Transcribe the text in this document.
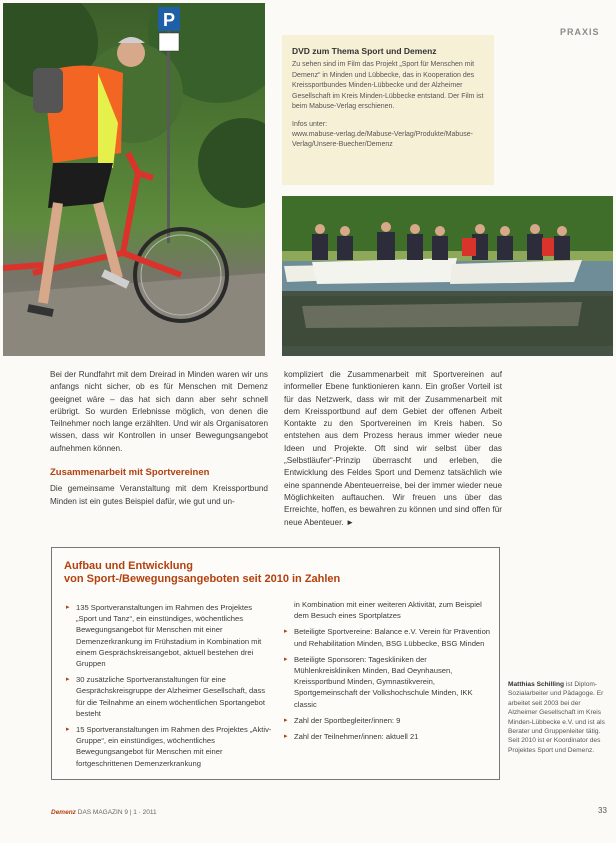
PRAXIS
P
DVD zum Thema Sport und Demenz
Zu sehen sind im Film das Projekt „Sport für Menschen mit Demenz“ in Minden und Lübbecke, das in Kooperation des Kreissportbundes Minden-Lübbecke und der Alzheimer Gesellschaft im Kreis Minden-Lübbecke entstand. Der Film ist beim Mabuse-Verlag erschienen.
Infos unter:
www.mabuse-verlag.de/Mabuse-Verlag/Produkte/Mabuse-Verlag/Unsere-Buecher/Demenz

Bei der Rundfahrt mit dem Dreirad in Minden waren wir uns anfangs nicht sicher, ob es für Menschen mit Demenz geeignet wäre – das hat sich dann aber sehr schnell erübrigt. So wurden Erlebnisse möglich, von denen die Teilnehmer noch lange erzählten. Und wir als Organisatoren wissen, dass wir Kontrollen in unser Bewegungsangebot aufnehmen können.

Zusammenarbeit mit Sportvereinen

Die gemeinsame Veranstaltung mit dem Kreissportbund Minden ist ein gutes Beispiel dafür, wie gut und un-

kompliziert die Zusammenarbeit mit Sportvereinen auf informeller Ebene funktionieren kann. Ein großer Vorteil ist für das Netzwerk, dass wir mit der Zusammenarbeit mit dem Kreissportbund auf dem Gebiet der offenen Arbeit Kontakte zu den Sportvereinen im Kreis haben. So entstehen aus dem Prozess heraus immer wieder neue Ideen und Projekte. Oft sind wir selbst über das „Selbstläufer“-Prinzip überrascht und erleben, die Entwicklung des Feldes Sport und Demenz tatsächlich wie eine spannende Abenteuerreise, bei der immer wieder neue Möglichkeiten auftauchen. Wir freuen uns über das Erreichte, hoffen, es bewahren zu können und sind offen für neue Abenteuer. ►

Aufbau und Entwicklung
von Sport-/Bewegungsangeboten seit 2010 in Zahlen
▸ 135 Sportveranstaltungen im Rahmen des Projektes „Sport und Tanz“, ein einstündiges, wöchentliches Bewegungsangebot für Menschen mit einer Demenzerkrankung im Frühstadium in Kombination mit einem Gesprächskreisangebot, aktuell bestehen drei Gruppen
▸ 30 zusätzliche Sportveranstaltungen für eine Gesprächskreisgruppe der Alzheimer Gesellschaft, dass für die Teilnahme an einem wöchentlichen Sportangebot besteht
▸ 15 Sportveranstaltungen im Rahmen des Projektes „Aktiv-Gruppe“, ein einstündiges, wöchentliches Bewegungsangebot für Menschen mit einer fortgeschrittenen Demenzerkrankung
in Kombination mit einer weiteren Aktivität, zum Beispiel dem Besuch eines Sportplatzes
▸ Beteiligte Sportvereine: Balance e.V. Verein für Prävention und Rehabilitation Minden, BSG Lübbecke, BSG Minden
▸ Beteiligte Sponsoren: Tageskliniken der Mühlenkreiskliniken Minden, Bad Oeynhausen, Kreissportbund Minden, Gymnastikverein, Sportgemeinschaft der Volkshochschule Minden, IKK classic
▸ Zahl der Sportbegleiter/innen: 9
▸ Zahl der Teilnehmer/innen: aktuell 21
Matthias Schilling ist Diplom-Sozialarbeiter und Pädagoge. Er arbeitet seit 2003 bei der Alzheimer Gesellschaft im Kreis Minden-Lübbecke e.V. und ist als Berater und Gruppenleiter tätig. Seit 2010 ist er Koordinator des Projektes Sport und Demenz.
Demenz DAS MAGAZIN 9 | 1 · 2011	33
